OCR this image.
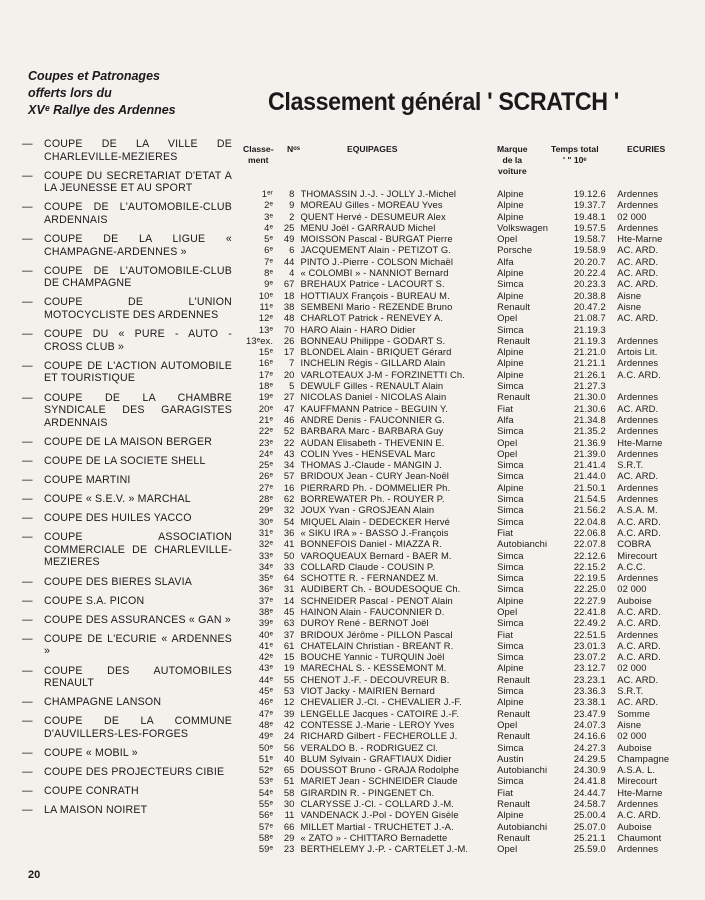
Coupes et Patronages
offerts lors du
XVᵉ Rallye des Ardennes
— COUPE DE LA VILLE DE CHARLEVILLE-MEZIERES
— COUPE DU SECRETARIAT D'ETAT A LA JEUNESSE ET AU SPORT
— COUPE DE L'AUTOMOBILE-CLUB ARDENNAIS
— COUPE DE LA LIGUE « CHAMPAGNE-ARDENNES »
— COUPE DE L'AUTOMOBILE-CLUB DE CHAMPAGNE
— COUPE DE L'UNION MOTOCYCLISTE DES ARDENNES
— COUPE DU « PURE - AUTO - CROSS CLUB »
— COUPE DE L'ACTION AUTOMOBILE ET TOURISTIQUE
— COUPE DE LA CHAMBRE SYNDICALE DES GARAGISTES ARDENNAIS
— COUPE DE LA MAISON BERGER
— COUPE DE LA SOCIETE SHELL
— COUPE MARTINI
— COUPE « S.E.V. » MARCHAL
— COUPE DES HUILES YACCO
— COUPE ASSOCIATION COMMERCIALE DE CHARLEVILLE-MEZIERES
— COUPE DES BIERES SLAVIA
— COUPE S.A. PICON
— COUPE DES ASSURANCES « GAN »
— COUPE DE L'ECURIE « ARDENNES »
— COUPE DES AUTOMOBILES RENAULT
— CHAMPAGNE LANSON
— COUPE DE LA COMMUNE D'AUVILLERS-LES-FORGES
— COUPE « MOBIL »
— COUPE DES PROJECTEURS CIBIE
— COUPE CONRATH
— LA MAISON NOIRET
Classement général ' SCRATCH '
Classe-
ment
Nᵒˢ	EQUIPAGES	Marque
de la
voiture
Temps total
' " 10ᵉ
ECURIES
1ᵉʳ	8	THOMASSIN J.-J. - JOLLY J.-Michel	Alpine	19.12.6	Ardennes
2ᵉ	9	MOREAU Gilles - MOREAU Yves	Alpine	19.37.7	Ardennes
3ᵉ	2	QUENT Hervé - DESUMEUR Alex	Alpine	19.48.1	02 000
4ᵉ	25	MENU Joël - GARRAUD Michel	Volkswagen	19.57.5	Ardennes
5ᵉ	49	MOISSON Pascal - BURGAT Pierre	Opel	19.58.7	Hte-Marne
6ᵉ	6	JACQUEMENT Alain - PETIZOT G.	Porsche	19.58.9	AC. ARD.
7ᵉ	44	PINTO J.-Pierre - COLSON Michaël	Alfa	20.20.7	AC. ARD.
8ᵉ	4	« COLOMBI » - NANNIOT Bernard	Alpine	20.22.4	AC. ARD.
9ᵉ	67	BREHAUX Patrice - LACOURT S.	Simca	20.23.3	AC. ARD.
10ᵉ	18	HOTTIAUX François - BUREAU M.	Alpine	20.38.8	Aisne
11ᵉ	38	SEMBENI Mario - REZENDE Bruno	Renault	20.47.2	Aisne
12ᵉ	48	CHARLOT Patrick - RENEVEY A.	Opel	21.08.7	AC. ARD.
13ᵉ	70	HARO Alain - HARO Didier	Simca	21.19.3	
13ᵉex.	26	BONNEAU Philippe - GODART S.	Renault	21.19.3	Ardennes
15ᵉ	17	BLONDEL Alain - BRIQUET Gérard	Alpine	21.21.0	Artois Lit.
16ᵉ	7	INCHELIN Régis - GILLARD Alain	Alpine	21.21.1	Ardennes
17ᵉ	20	VARLOTEAUX J-M - FORZINETTI Ch.	Alpine	21.26.1	A.C. ARD.
18ᵉ	5	DEWULF Gilles - RENAULT Alain	Simca	21.27.3	
19ᵉ	27	NICOLAS Daniel - NICOLAS Alain	Renault	21.30.0	Ardennes
20ᵉ	47	KAUFFMANN Patrice - BEGUIN Y.	Fiat	21.30.6	AC. ARD.
21ᵉ	46	ANDRE Denis - FAUCONNIER G.	Alfa	21.34.8	Ardennes
22ᵉ	52	BARBARA Marc - BARBARA Guy	Simca	21.35.2	Ardennes
23ᵉ	22	AUDAN Elisabeth - THEVENIN E.	Opel	21.36.9	Hte-Marne
24ᵉ	43	COLIN Yves - HENSEVAL Marc	Opel	21.39.0	Ardennes
25ᵉ	34	THOMAS J.-Claude - MANGIN J.	Simca	21.41.4	S.R.T.
26ᵉ	57	BRIDOUX Jean - CURY Jean-Noël	Simca	21.44.0	AC. ARD.
27ᵉ	16	PIERRARD Ph. - DOMMELIER Ph.	Alpine	21.50.1	Ardennes
28ᵉ	62	BORREWATER Ph. - ROUYER P.	Simca	21.54.5	Ardennes
29ᵉ	32	JOUX Yvan - GROSJEAN Alain	Simca	21.56.2	A.S.A. M.
30ᵉ	54	MIQUEL Alain - DEDECKER Hervé	Simca	22.04.8	A.C. ARD.
31ᵉ	36	« SIKU IRA » - BASSO J.-François	Fiat	22.06.8	A.C. ARD.
32ᵉ	41	BONNEFOIS Daniel - MIAZZA R.	Autobianchi	22.07.8	COBRA
33ᵉ	50	VAROQUEAUX Bernard - BAER M.	Simca	22.12.6	Mirecourt
34ᵉ	33	COLLARD Claude - COUSIN P.	Simca	22.15.2	A.C.C.
35ᵉ	64	SCHOTTE R. - FERNANDEZ M.	Simca	22.19.5	Ardennes
36ᵉ	31	AUDIBERT Ch. - BOUDESOQUE Ch.	Simca	22.25.0	02 000
37ᵉ	14	SCHNEIDER Pascal - PENOT Alain	Alpine	22.27.9	Auboise
38ᵉ	45	HAINON Alain - FAUCONNIER D.	Opel	22.41.8	A.C. ARD.
39ᵉ	63	DUROY René - BERNOT Joël	Simca	22.49.2	A.C. ARD.
40ᵉ	37	BRIDOUX Jérôme - PILLON Pascal	Fiat	22.51.5	Ardennes
41ᵉ	61	CHATELAIN Christian - BREANT R.	Simca	23.01.3	A.C. ARD.
42ᵉ	15	BOUCHE Yannic - TURQUIN Joël	Simca	23.07.2	A.C. ARD.
43ᵉ	19	MARECHAL S. - KESSEMONT M.	Alpine	23.12.7	02 000
44ᵉ	55	CHENOT J.-F. - DECOUVREUR B.	Renault	23.23.1	AC. ARD.
45ᵉ	53	VIOT Jacky - MAIRIEN Bernard	Simca	23.36.3	S.R.T.
46ᵉ	12	CHEVALIER J.-Cl. - CHEVALIER J.-F.	Alpine	23.38.1	AC. ARD.
47ᵉ	39	LENGELLE Jacques - CATOIRE J.-F.	Renault	23.47.9	Somme
48ᵉ	42	CONTESSE J.-Marie - LEROY Yves	Opel	24.07.3	Aisne
49ᵉ	24	RICHARD Gilbert - FECHEROLLE J.	Renault	24.16.6	02 000
50ᵉ	56	VERALDO B. - RODRIGUEZ Cl.	Simca	24.27.3	Auboise
51ᵉ	40	BLUM Sylvain - GRAFTIAUX Didier	Austin	24.29.5	Champagne
52ᵉ	65	DOUSSOT Bruno - GRAJA Rodolphe	Autobianchi	24.30.9	A.S.A. L.
53ᵉ	51	MARIET Jean - SCHNEIDER Claude	Simca	24.41.8	Mirecourt
54ᵉ	58	GIRARDIN R. - PINGENET Ch.	Fiat	24.44.7	Hte-Marne
55ᵉ	30	CLARYSSE J.-Cl. - COLLARD J.-M.	Renault	24.58.7	Ardennes
56ᵉ	11	VANDENACK J.-Pol - DOYEN Gisèle	Alpine	25.00.4	A.C. ARD.
57ᵉ	66	MILLET Martial - TRUCHETET J.-A.	Autobianchi	25.07.0	Auboise
58ᵉ	29	« ZATO » - CHITTARO Bernadette	Renault	25.21.1	Chaumont
59ᵉ	23	BERTHELEMY J.-P. - CARTELET J.-M.	Opel	25.59.0	Ardennes
20
